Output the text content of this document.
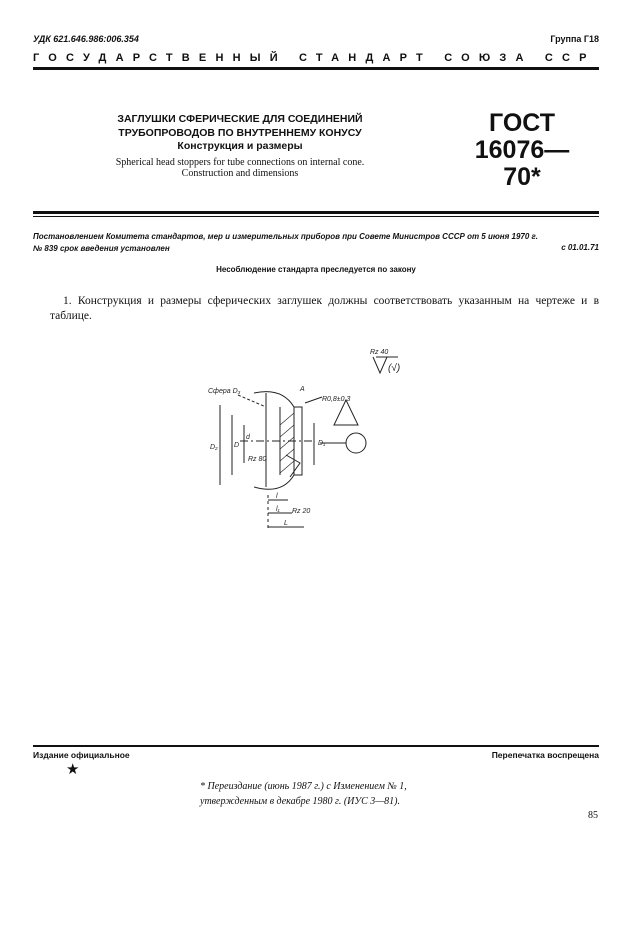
УДК 621.646.986:006.354	Группа Г18
ГОСУДАРСТВЕННЫЙ СТАНДАРТ СОЮЗА ССР
ЗАГЛУШКИ СФЕРИЧЕСКИЕ ДЛЯ СОЕДИНЕНИЙ
ТРУБОПРОВОДОВ ПО ВНУТРЕННЕМУ КОНУСУ
Конструкция и размеры
Spherical head stoppers for tube connections on internal cone.
Construction and dimensions
ГОСТ
16076—70*
Постановлением Комитета стандартов, мер и измерительных приборов при Совете Министров СССР от 5 июня 1970 г.
№ 839 срок введения установлен	с 01.01.71
Несоблюдение стандарта преследуется по закону
1. Конструкция и размеры сферических заглушек должны соответствовать указанным на чертеже и в таблице.
Rz 40
(√)
Сфера D₃
R0,8±0,3
А
D₁
D
d
D₂
Rz 80
Rz 20
l
l₁
L
Издание официальное	Перепечатка воспрещена
★
* Переиздание (июнь 1987 г.) с Изменением № 1,
утвержденным в декабре 1980 г. (ИУС 3—81).
85
